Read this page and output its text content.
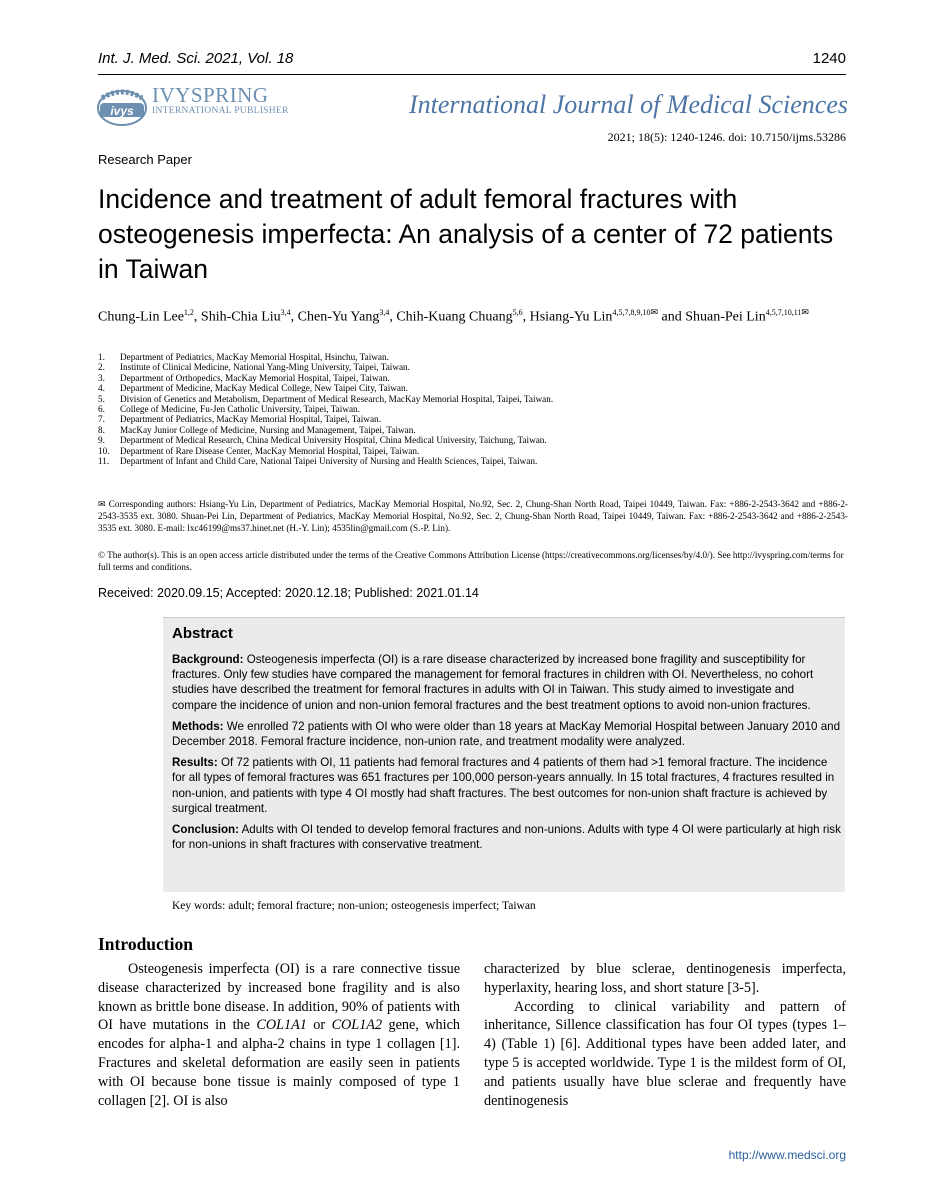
Int. J. Med. Sci. 2021, Vol. 18	1240
ivys
IVYSPRING
INTERNATIONAL PUBLISHER	International Journal of Medical Sciences
2021; 18(5): 1240-1246. doi: 10.7150/ijms.53286
Research Paper
Incidence and treatment of adult femoral fractures with osteogenesis imperfecta: An analysis of a center of 72 patients in Taiwan
Chung-Lin Lee$^{1,2}$, Shih-Chia Liu$^{3,4}$, Chen-Yu Yang$^{3,4}$, Chih-Kuang Chuang$^{5,6}$, Hsiang-Yu Lin$^{4,5,7,8,9,10✉}$ and Shuan-Pei Lin$^{4,5,7,10,11✉}$
1.	Department of Pediatrics, MacKay Memorial Hospital, Hsinchu, Taiwan.
2.	Institute of Clinical Medicine, National Yang-Ming University, Taipei, Taiwan.
3.	Department of Orthopedics, MacKay Memorial Hospital, Taipei, Taiwan.
4.	Department of Medicine, MacKay Medical College, New Taipei City, Taiwan.
5.	Division of Genetics and Metabolism, Department of Medical Research, MacKay Memorial Hospital, Taipei, Taiwan.
6.	College of Medicine, Fu-Jen Catholic University, Taipei, Taiwan.
7.	Department of Pediatrics, MacKay Memorial Hospital, Taipei, Taiwan.
8.	MacKay Junior College of Medicine, Nursing and Management, Taipei, Taiwan.
9.	Department of Medical Research, China Medical University Hospital, China Medical University, Taichung, Taiwan.
10.	Department of Rare Disease Center, MacKay Memorial Hospital, Taipei, Taiwan.
11.	Department of Infant and Child Care, National Taipei University of Nursing and Health Sciences, Taipei, Taiwan.
✉ Corresponding authors: Hsiang-Yu Lin, Department of Pediatrics, MacKay Memorial Hospital, No.92, Sec. 2, Chung-Shan North Road, Taipei 10449, Taiwan. Fax: +886-2-2543-3642 and +886-2-2543-3535 ext. 3080. Shuan-Pei Lin, Department of Pediatrics, MacKay Memorial Hospital, No.92, Sec. 2, Chung-Shan North Road, Taipei 10449, Taiwan. Fax: +886-2-2543-3642 and +886-2-2543-3535 ext. 3080. E-mail: lxc46199@ms37.hinet.net (H.-Y. Lin); 4535lin@gmail.com (S.-P. Lin).
© The author(s). This is an open access article distributed under the terms of the Creative Commons Attribution License (https://creativecommons.org/licenses/by/4.0/). See http://ivyspring.com/terms for full terms and conditions.
Received: 2020.09.15; Accepted: 2020.12.18; Published: 2021.01.14
Abstract

Background: Osteogenesis imperfecta (OI) is a rare disease characterized by increased bone fragility and susceptibility for fractures. Only few studies have compared the management for femoral fractures in children with OI. Nevertheless, no cohort studies have described the treatment for femoral fractures in adults with OI in Taiwan. This study aimed to investigate and compare the incidence of union and non-union femoral fractures and the best treatment options to avoid non-union fractures.

Methods: We enrolled 72 patients with OI who were older than 18 years at MacKay Memorial Hospital between January 2010 and December 2018. Femoral fracture incidence, non-union rate, and treatment modality were analyzed.

Results: Of 72 patients with OI, 11 patients had femoral fractures and 4 patients of them had >1 femoral fracture. The incidence for all types of femoral fractures was 651 fractures per 100,000 person-years annually. In 15 total fractures, 4 fractures resulted in non-union, and patients with type 4 OI mostly had shaft fractures. The best outcomes for non-union shaft fracture is achieved by surgical treatment.

Conclusion: Adults with OI tended to develop femoral fractures and non-unions. Adults with type 4 OI were particularly at high risk for non-unions in shaft fractures with conservative treatment.

Key words: adult; femoral fracture; non-union; osteogenesis imperfect; Taiwan
Introduction

Osteogenesis imperfecta (OI) is a rare connective tissue disease characterized by increased bone fragility and is also known as brittle bone disease. In addition, 90% of patients with OI have mutations in the COL1A1 or COL1A2 gene, which encodes for alpha-1 and alpha-2 chains in type 1 collagen [1]. Fractures and skeletal deformation are easily seen in patients with OI because bone tissue is mainly composed of type 1 collagen [2]. OI is also

characterized by blue sclerae, dentinogenesis imperfecta, hyperlaxity, hearing loss, and short stature [3-5].

According to clinical variability and pattern of inheritance, Sillence classification has four OI types (types 1–4) (Table 1) [6]. Additional types have been added later, and type 5 is accepted worldwide. Type 1 is the mildest form of OI, and patients usually have blue sclerae and frequently have dentinogenesis

http://www.medsci.org
